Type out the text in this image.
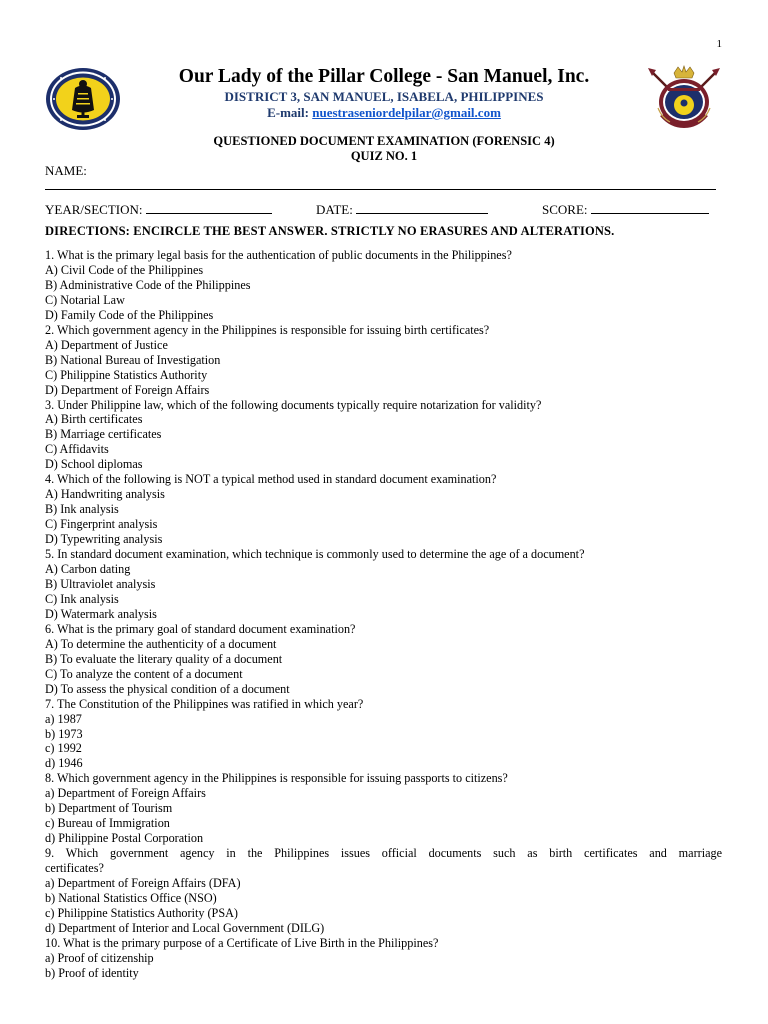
1
Our Lady of the Pillar College - San Manuel, Inc.
DISTRICT 3, SAN MANUEL, ISABELA, PHILIPPINES
E-mail: nuestraseniordelpilar@gmail.com
QUESTIONED DOCUMENT EXAMINATION (FORENSIC 4)
QUIZ NO. 1
NAME:
YEAR/SECTION:	DATE:	SCORE:
DIRECTIONS: ENCIRCLE THE BEST ANSWER. STRICTLY NO ERASURES AND ALTERATIONS.
1. What is the primary legal basis for the authentication of public documents in the Philippines?
A) Civil Code of the Philippines
B) Administrative Code of the Philippines
C) Notarial Law
D) Family Code of the Philippines
2. Which government agency in the Philippines is responsible for issuing birth certificates?
A) Department of Justice
B) National Bureau of Investigation
C) Philippine Statistics Authority
D) Department of Foreign Affairs
3. Under Philippine law, which of the following documents typically require notarization for validity?
A) Birth certificates
B) Marriage certificates
C) Affidavits
D) School diplomas
4. Which of the following is NOT a typical method used in standard document examination?
A) Handwriting analysis
B) Ink analysis
C) Fingerprint analysis
D) Typewriting analysis
5. In standard document examination, which technique is commonly used to determine the age of a document?
A) Carbon dating
B) Ultraviolet analysis
C) Ink analysis
D) Watermark analysis
6. What is the primary goal of standard document examination?
A) To determine the authenticity of a document
B) To evaluate the literary quality of a document
C) To analyze the content of a document
D) To assess the physical condition of a document
7. The Constitution of the Philippines was ratified in which year?
a) 1987
b) 1973
c) 1992
d) 1946
8. Which government agency in the Philippines is responsible for issuing passports to citizens?
a) Department of Foreign Affairs
b) Department of Tourism
c) Bureau of Immigration
d) Philippine Postal Corporation
9. Which government agency in the Philippines issues official documents such as birth certificates and marriage
certificates?
a) Department of Foreign Affairs (DFA)
b) National Statistics Office (NSO)
c) Philippine Statistics Authority (PSA)
d) Department of Interior and Local Government (DILG)
10. What is the primary purpose of a Certificate of Live Birth in the Philippines?
a) Proof of citizenship
b) Proof of identity
